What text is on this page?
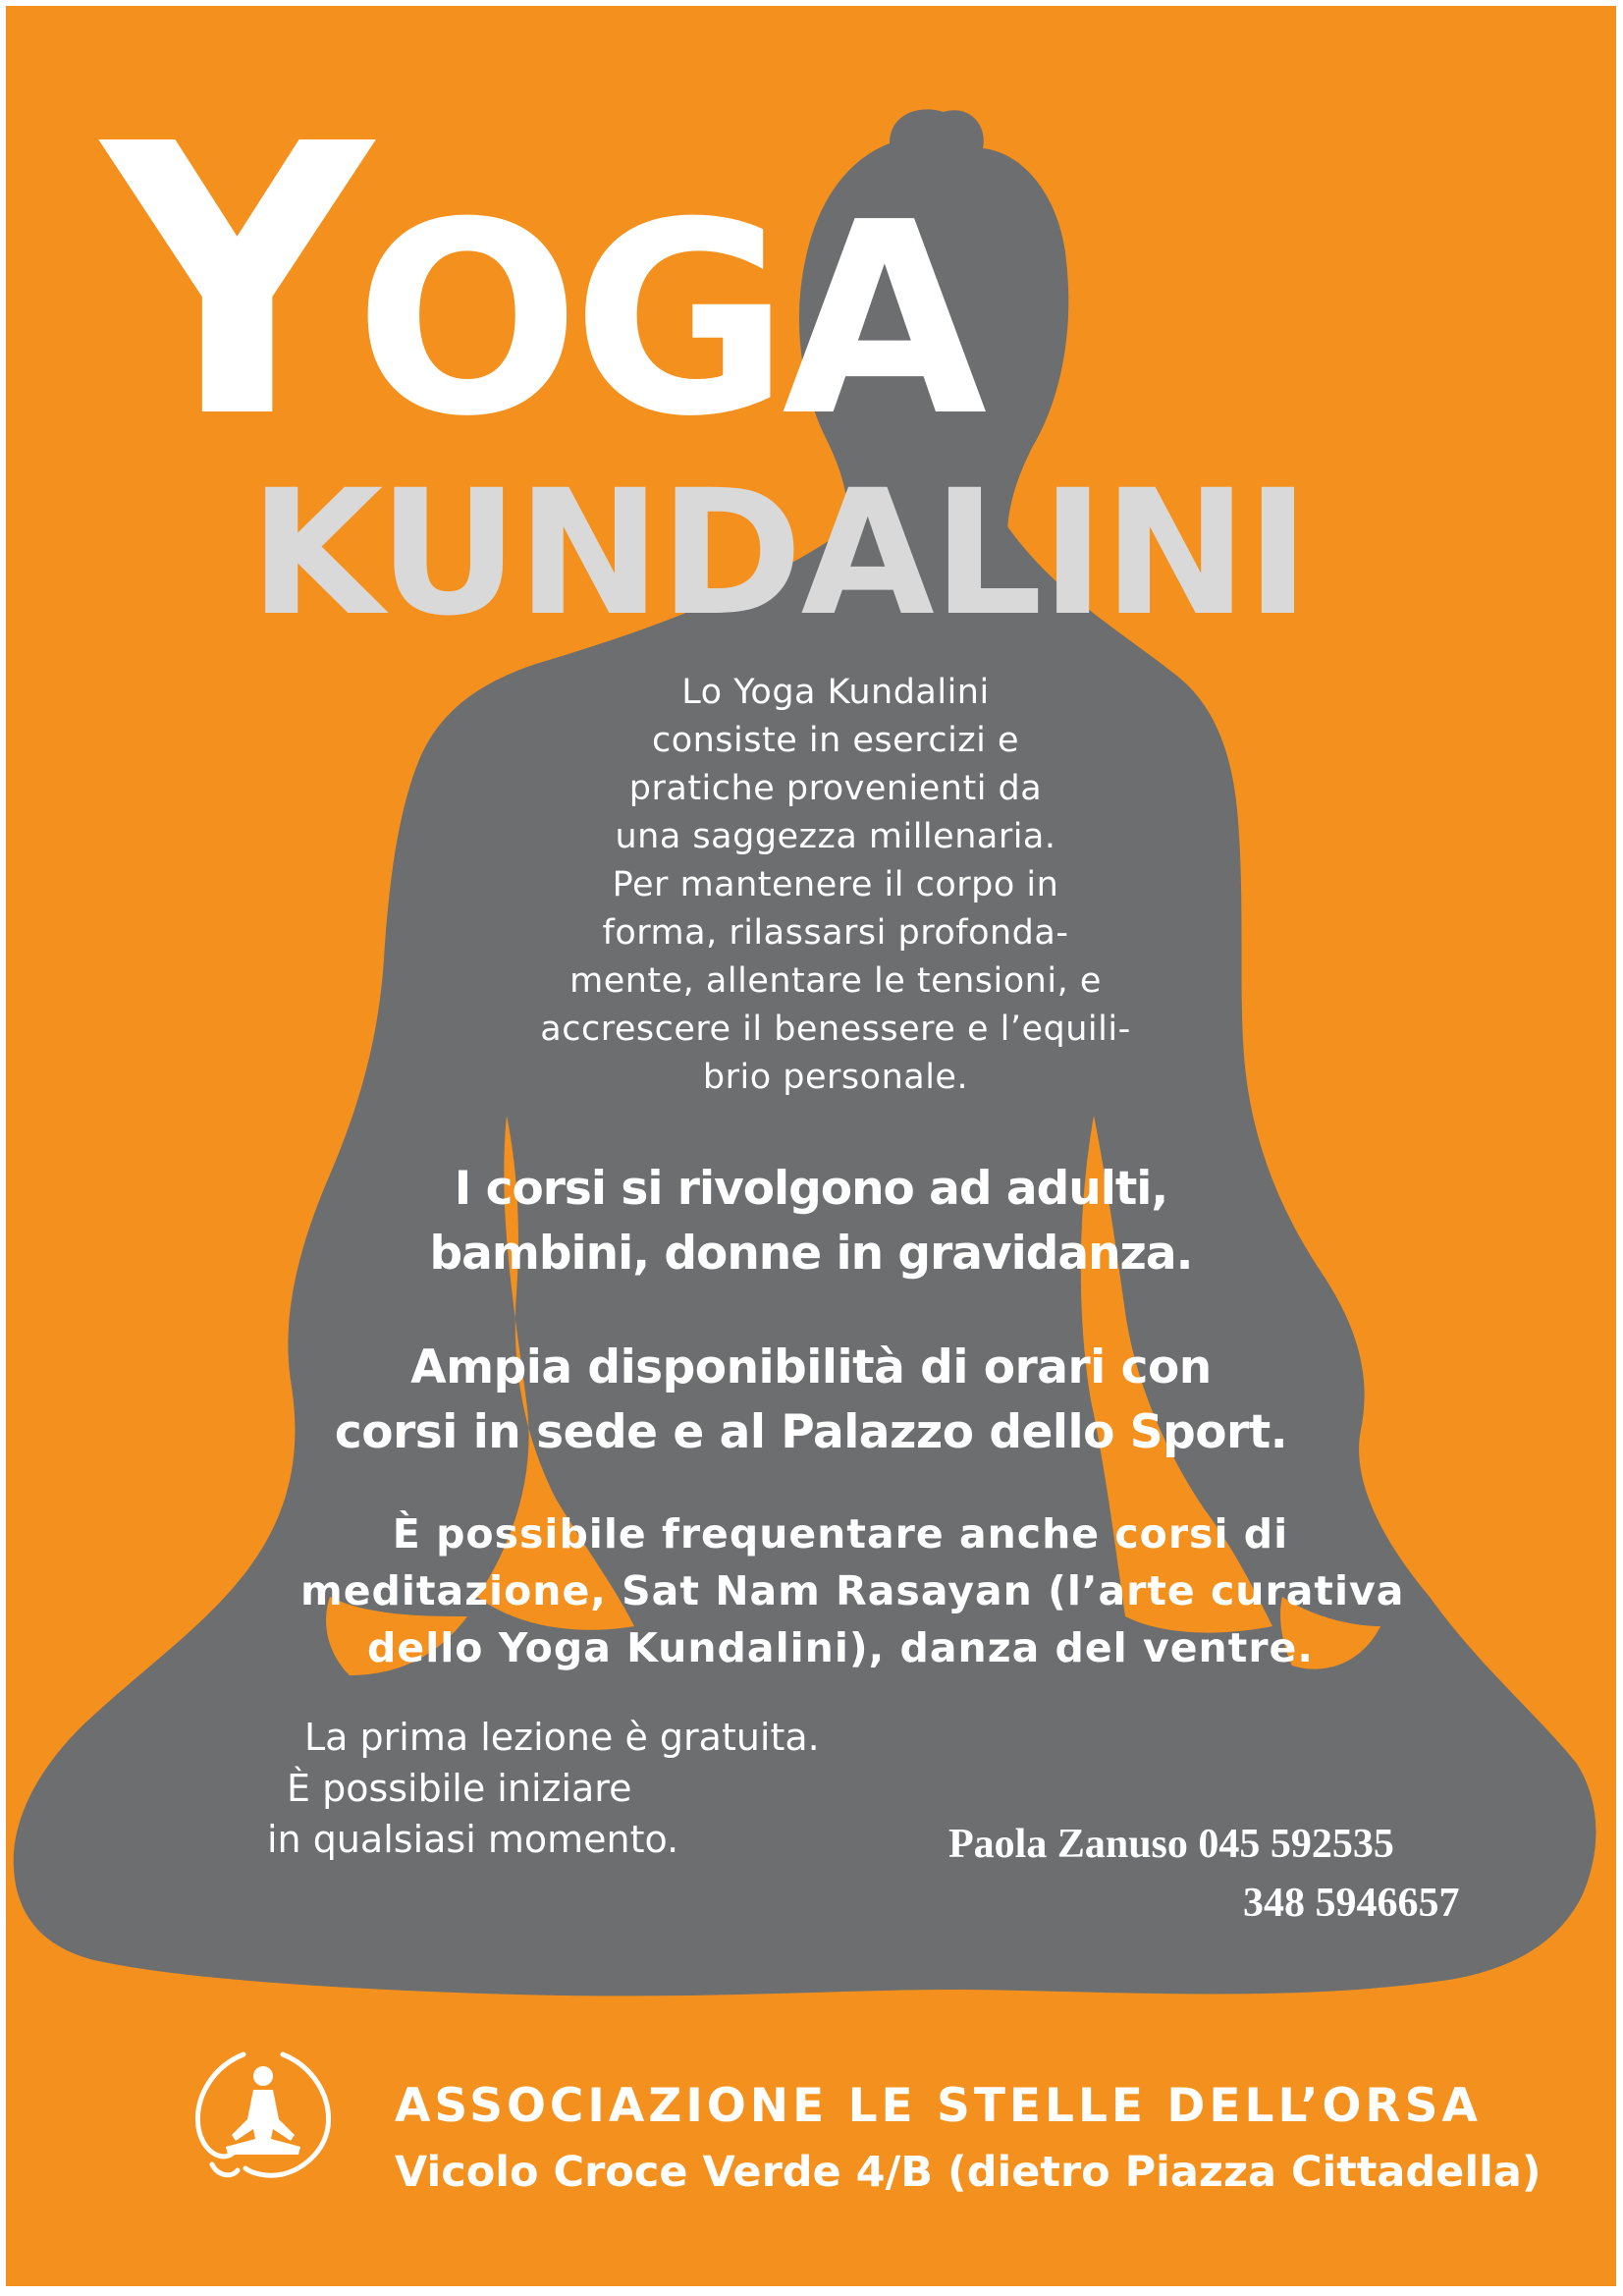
YOGA
KUNDALINI
Lo Yoga Kundalini
consiste in esercizi e
pratiche provenienti da
una saggezza millenaria.
Per mantenere il corpo in
forma, rilassarsi profonda-
mente, allentare le tensioni, e
accrescere il benessere e l’equili-
brio personale.
I corsi si rivolgono ad adulti,
bambini, donne in gravidanza.
Ampia disponibilità di orari con
corsi in sede e al Palazzo dello Sport.
È possibile frequentare anche corsi di
meditazione, Sat Nam Rasayan (l’arte curativa
dello Yoga Kundalini), danza del ventre.
La prima lezione è gratuita.
È possibile iniziare
in qualsiasi momento.	Paola Zanuso 045 592535
348 5946657
ASSOCIAZIONE LE STELLE DELL’ORSA
Vicolo Croce Verde 4/B (dietro Piazza Cittadella)
